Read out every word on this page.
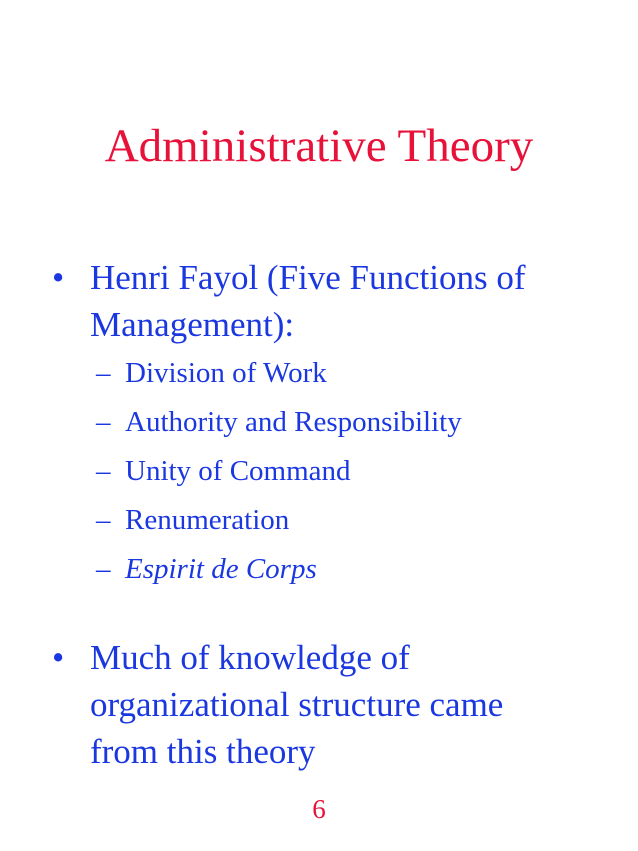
Administrative Theory
• Henri Fayol (Five Functions of Management):
– Division of Work
– Authority and Responsibility
– Unity of Command
– Renumeration
– Espirit de Corps
• Much of knowledge of organizational structure came from this theory
6
